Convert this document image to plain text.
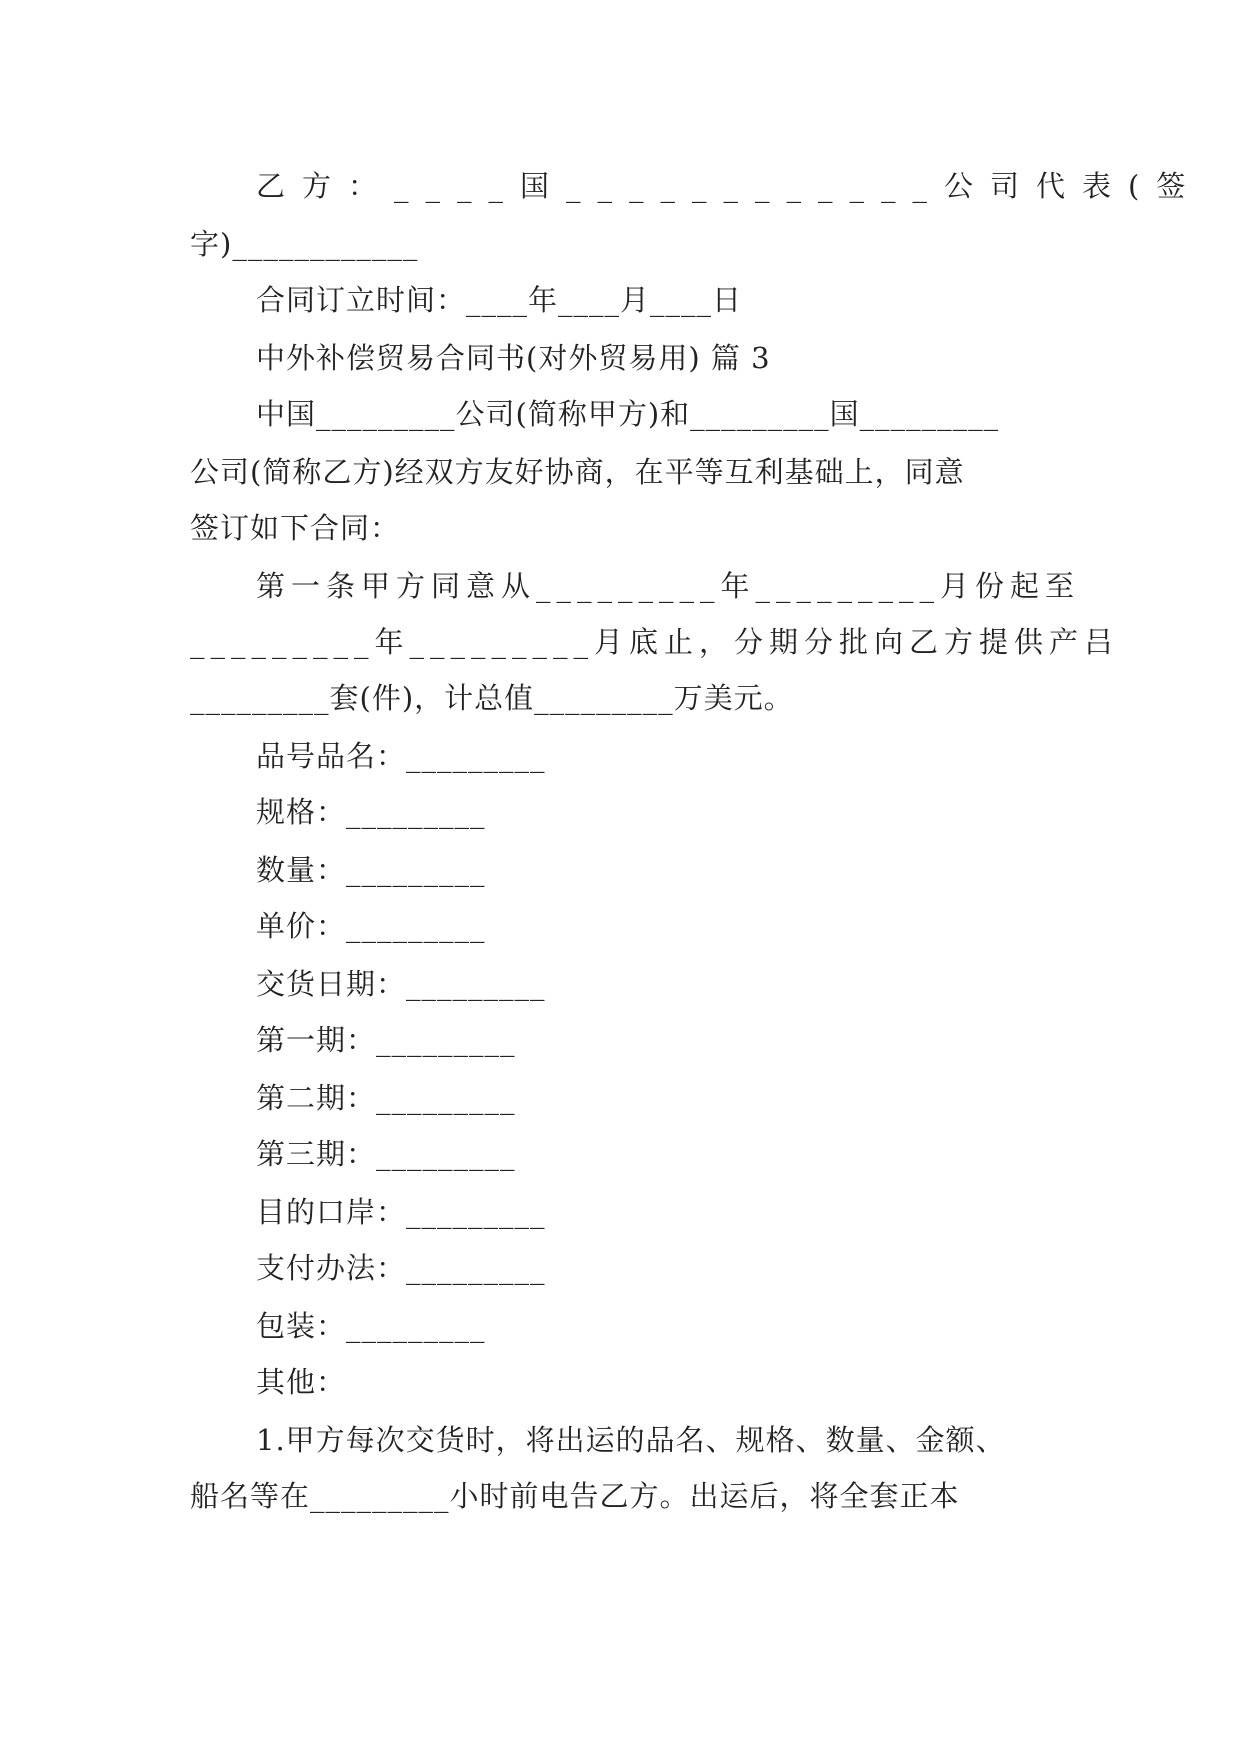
乙方：____国____________公司代表(签
字)____________
合同订立时间：____年____月____日
中外补偿贸易合同书(对外贸易用) 篇 3
中国_________公司(简称甲方)和_________国_________
公司(简称乙方)经双方友好协商，在平等互利基础上，同意
签订如下合同：
第一条甲方同意从_________年_________月份起至
_________年_________月底止，分期分批向乙方提供产吕
_________套(件)，计总值_________万美元。
品号品名：_________
规格：_________
数量：_________
单价：_________
交货日期：_________
第一期：_________
第二期：_________
第三期：_________
目的口岸：_________
支付办法：_________
包装：_________
其他：
1.甲方每次交货时，将出运的品名、规格、数量、金额、
船名等在_________小时前电告乙方。出运后，将全套正本
